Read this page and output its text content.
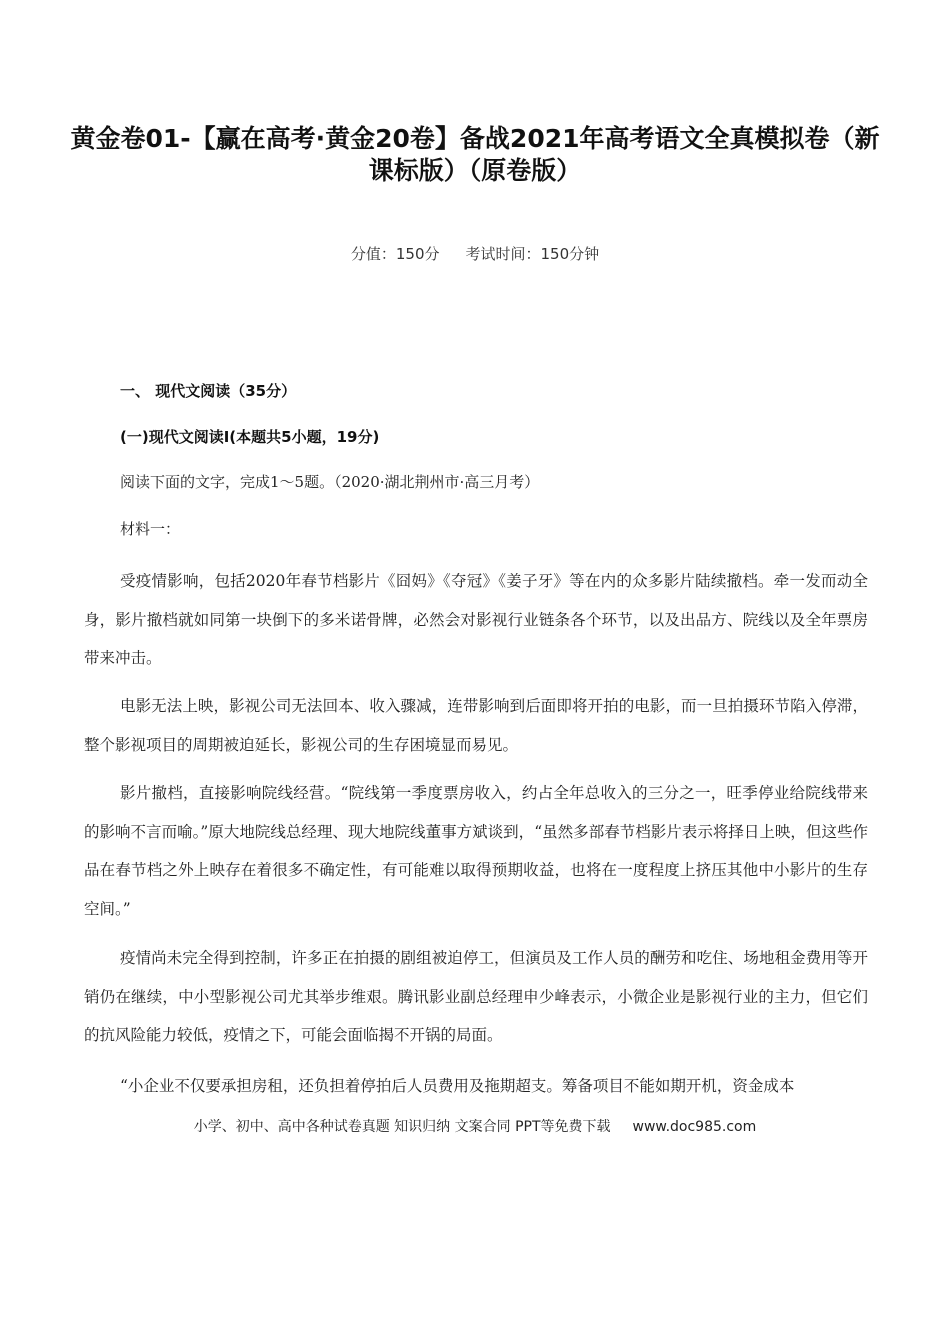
黄金卷01-【赢在高考·黄金20卷】备战2021年高考语文全真模拟卷（新
课标版）（原卷版）
分值：150分 考试时间：150分钟
一、 现代文阅读（35分）
(一)现代文阅读Ⅰ(本题共5小题，19分)
阅读下面的文字，完成1～5题。（2020·湖北荆州市·高三月考）
材料一：

受疫情影响，包括2020年春节档影片《囧妈》《夺冠》《姜子牙》等在内的众多影片陆续撤档。牵一发而动全身，影片撤档就如同第一块倒下的多米诺骨牌，必然会对影视行业链条各个环节，以及出品方、院线以及全年票房带来冲击。

电影无法上映，影视公司无法回本、收入骤减，连带影响到后面即将开拍的电影，而一旦拍摄环节陷入停滞，整个影视项目的周期被迫延长，影视公司的生存困境显而易见。

影片撤档，直接影响院线经营。“院线第一季度票房收入，约占全年总收入的三分之一，旺季停业给院线带来的影响不言而喻。”原大地院线总经理、现大地院线董事方斌谈到，“虽然多部春节档影片表示将择日上映，但这些作品在春节档之外上映存在着很多不确定性，有可能难以取得预期收益，也将在一度程度上挤压其他中小影片的生存空间。”

疫情尚未完全得到控制，许多正在拍摄的剧组被迫停工，但演员及工作人员的酬劳和吃住、场地租金费用等开销仍在继续，中小型影视公司尤其举步维艰。腾讯影业副总经理申少峰表示，小微企业是影视行业的主力，但它们的抗风险能力较低，疫情之下，可能会面临揭不开锅的局面。

“小企业不仅要承担房租，还负担着停拍后人员费用及拖期超支。筹备项目不能如期开机，资金成本

小学、初中、高中各种试卷真题 知识归纳 文案合同 PPT等免费下载 www.doc985.com
